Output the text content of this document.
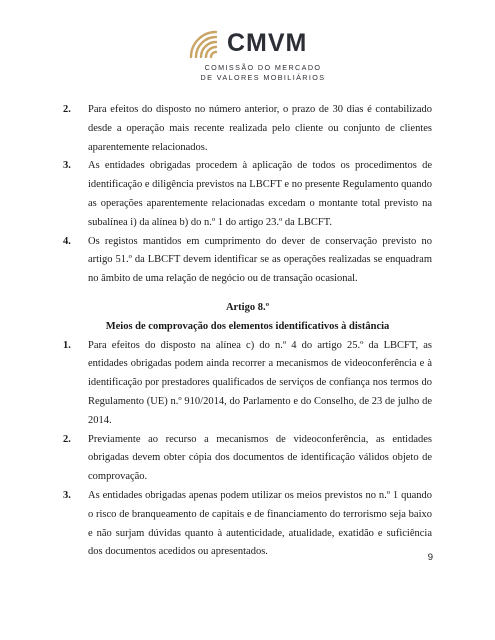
CMVM
COMISSÃO DO MERCADO
DE VALORES MOBILIÁRIOS
2. Para efeitos do disposto no número anterior, o prazo de 30 dias é contabilizado desde a operação mais recente realizada pelo cliente ou conjunto de clientes aparentemente relacionados.
3. As entidades obrigadas procedem à aplicação de todos os procedimentos de identificação e diligência previstos na LBCFT e no presente Regulamento quando as operações aparentemente relacionadas excedam o montante total previsto na subalínea i) da alínea b) do n.º 1 do artigo 23.º da LBCFT.
4. Os registos mantidos em cumprimento do dever de conservação previsto no artigo 51.º da LBCFT devem identificar se as operações realizadas se enquadram no âmbito de uma relação de negócio ou de transação ocasional.
Artigo 8.º
Meios de comprovação dos elementos identificativos à distância
1. Para efeitos do disposto na alínea c) do n.º 4 do artigo 25.º da LBCFT, as entidades obrigadas podem ainda recorrer a mecanismos de videoconferência e à identificação por prestadores qualificados de serviços de confiança nos termos do Regulamento (UE) n.º 910/2014, do Parlamento e do Conselho, de 23 de julho de 2014.
2. Previamente ao recurso a mecanismos de videoconferência, as entidades obrigadas devem obter cópia dos documentos de identificação válidos objeto de comprovação.
3. As entidades obrigadas apenas podem utilizar os meios previstos no n.º 1 quando o risco de branqueamento de capitais e de financiamento do terrorismo seja baixo e não surjam dúvidas quanto à autenticidade, atualidade, exatidão e suficiência dos documentos acedidos ou apresentados.
9
